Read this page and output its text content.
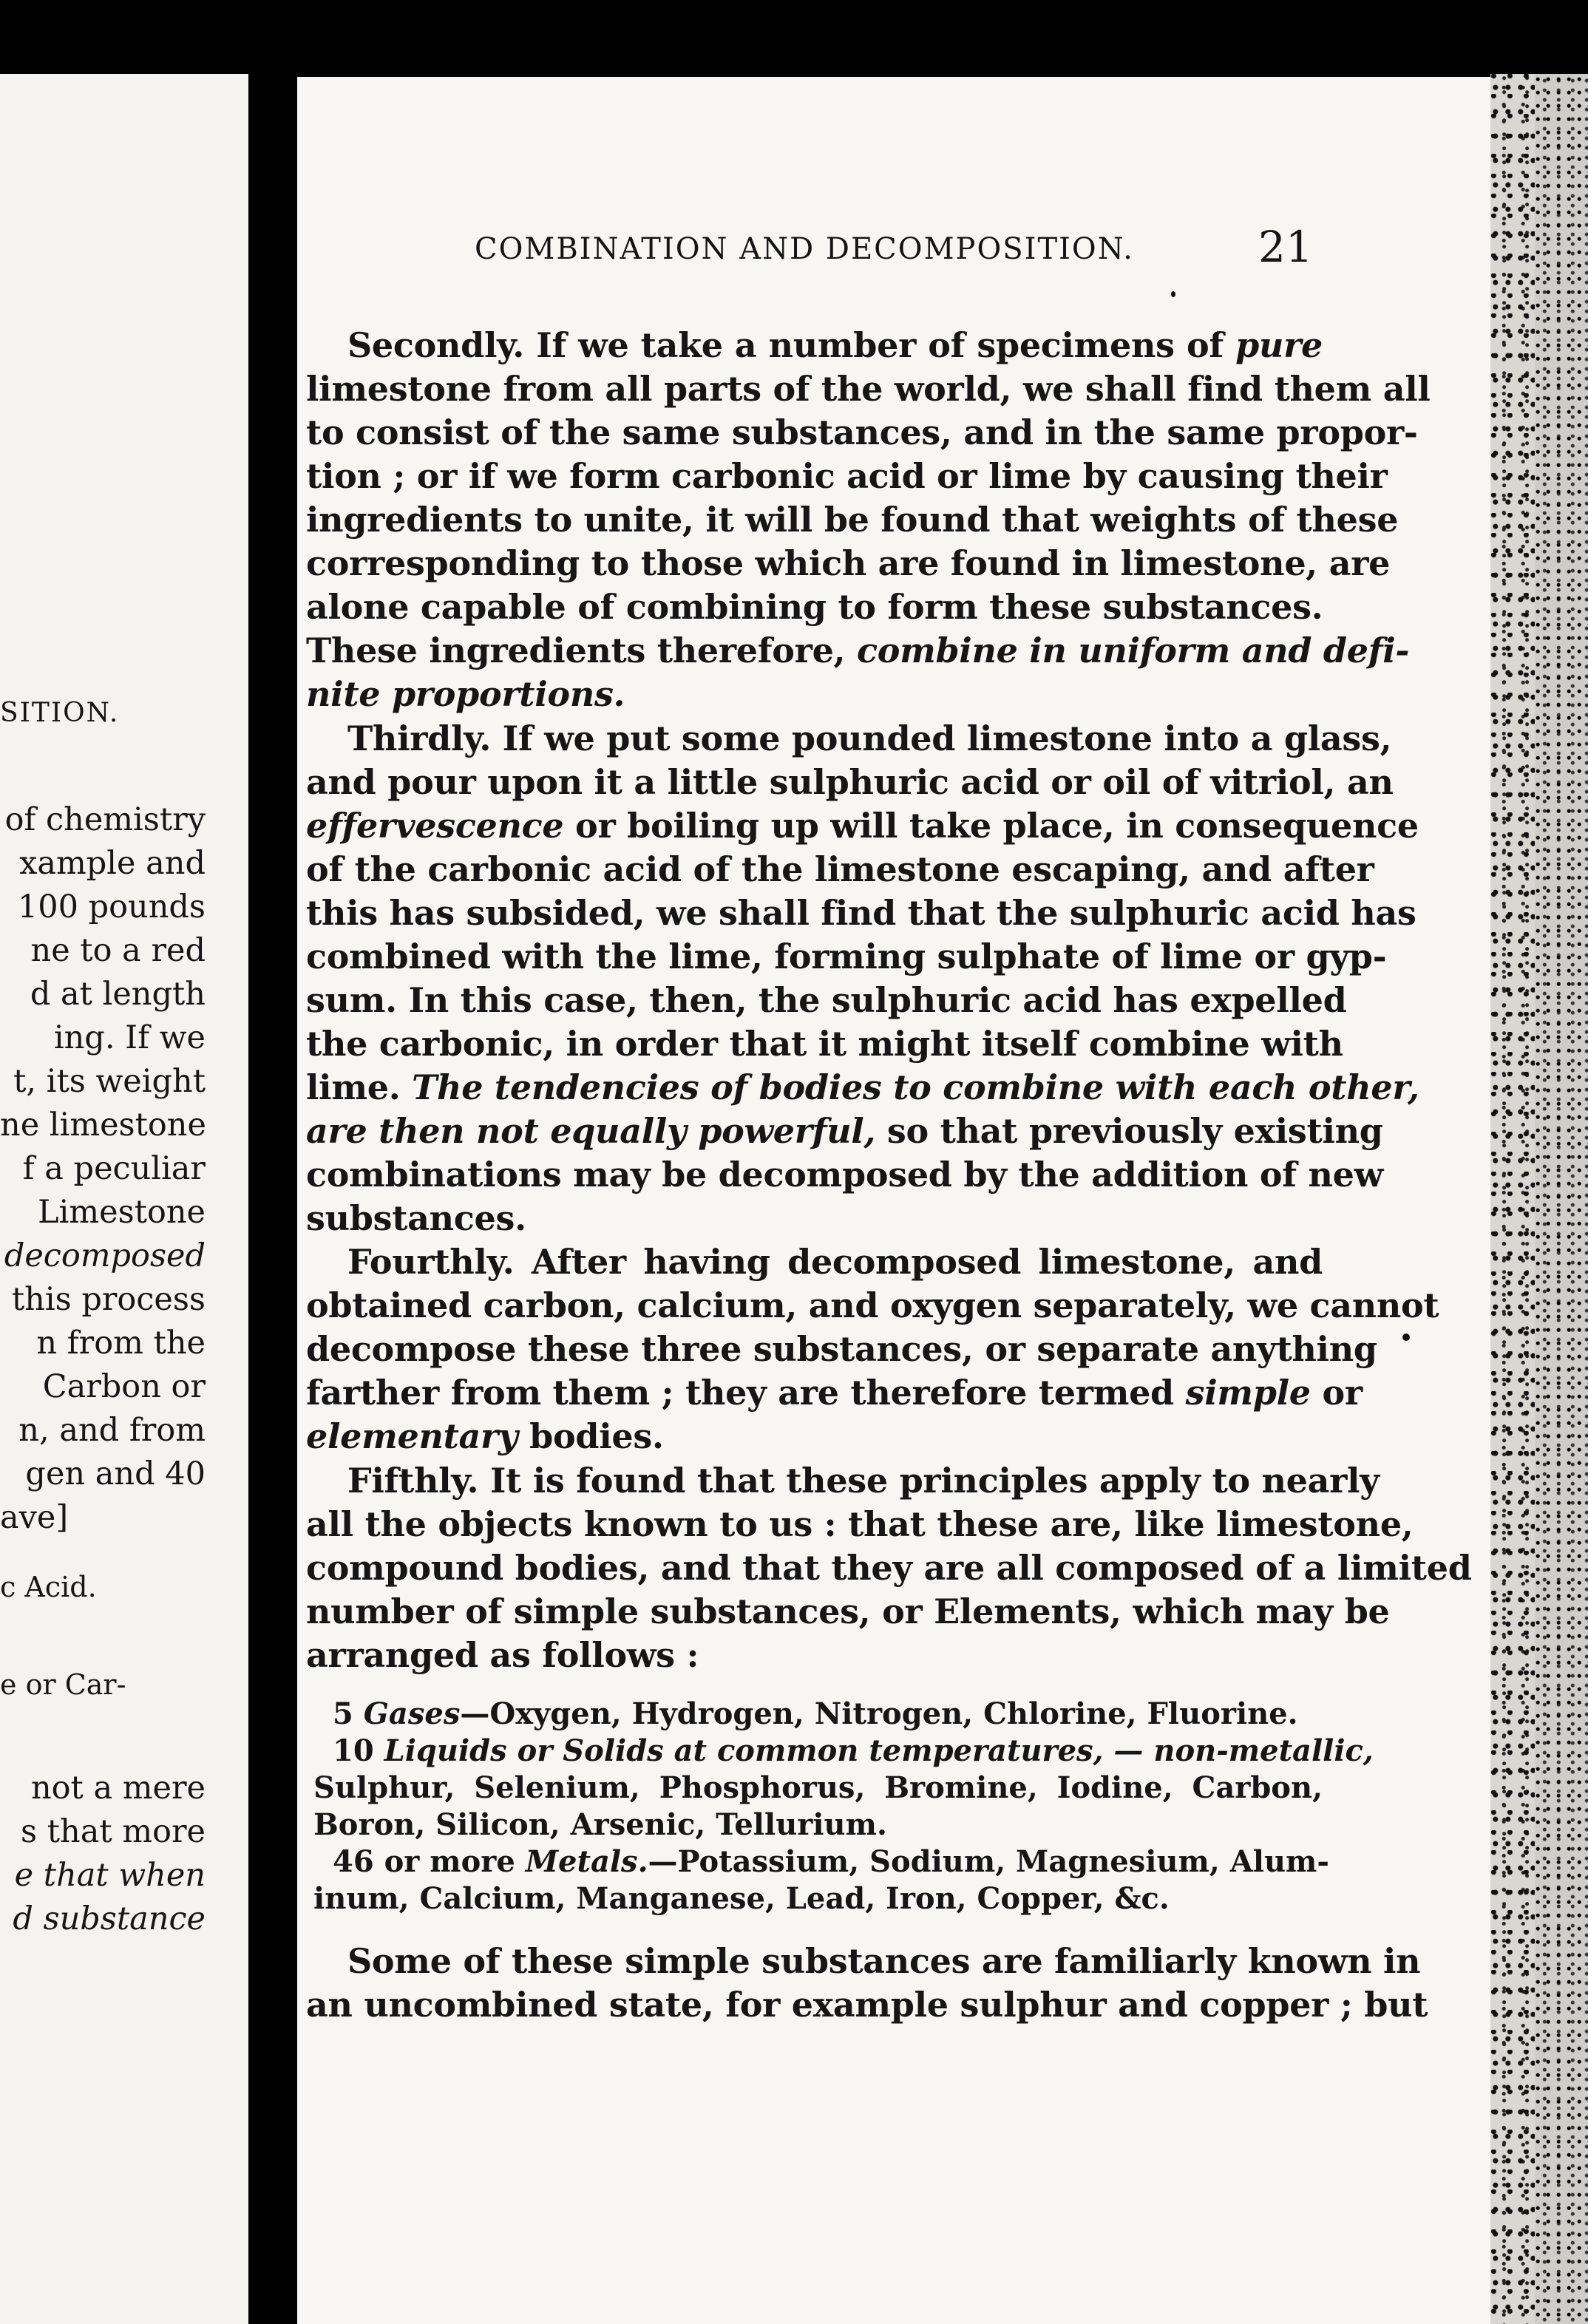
SITION.
of chemistry
xample and
100 pounds
ne to a red
d at length
ing. If we
t, its weight
ne limestone
f a peculiar
Limestone
decomposed
this process
n from the
Carbon or
n, and from
gen and 40
ave]
c Acid.
e or Car-
not a mere
s that more
e that when
d substance
COMBINATION AND DECOMPOSITION.	21
Secondly. If we take a number of specimens of pure
limestone from all parts of the world, we shall find them all
to consist of the same substances, and in the same propor-
tion ; or if we form carbonic acid or lime by causing their
ingredients to unite, it will be found that weights of these
corresponding to those which are found in limestone, are
alone capable of combining to form these substances.
These ingredients therefore, combine in uniform and defi-
nite proportions.
Thirdly. If we put some pounded limestone into a glass,
and pour upon it a little sulphuric acid or oil of vitriol, an
effervescence or boiling up will take place, in consequence
of the carbonic acid of the limestone escaping, and after
this has subsided, we shall find that the sulphuric acid has
combined with the lime, forming sulphate of lime or gyp-
sum. In this case, then, the sulphuric acid has expelled
the carbonic, in order that it might itself combine with
lime. The tendencies of bodies to combine with each other,
are then not equally powerful, so that previously existing
combinations may be decomposed by the addition of new
substances.
Fourthly. After having decomposed limestone, and
obtained carbon, calcium, and oxygen separately, we cannot
decompose these three substances, or separate anything
farther from them ; they are therefore termed simple or
elementary bodies.
Fifthly. It is found that these principles apply to nearly
all the objects known to us : that these are, like limestone,
compound bodies, and that they are all composed of a limited
number of simple substances, or Elements, which may be
arranged as follows :
5 Gases—Oxygen, Hydrogen, Nitrogen, Chlorine, Fluorine.
10 Liquids or Solids at common temperatures, — non-metallic,
Sulphur, Selenium, Phosphorus, Bromine, Iodine, Carbon,
Boron, Silicon, Arsenic, Tellurium.
46 or more Metals.—Potassium, Sodium, Magnesium, Alum-
inum, Calcium, Manganese, Lead, Iron, Copper, &c.
Some of these simple substances are familiarly known in
an uncombined state, for example sulphur and copper ; but
